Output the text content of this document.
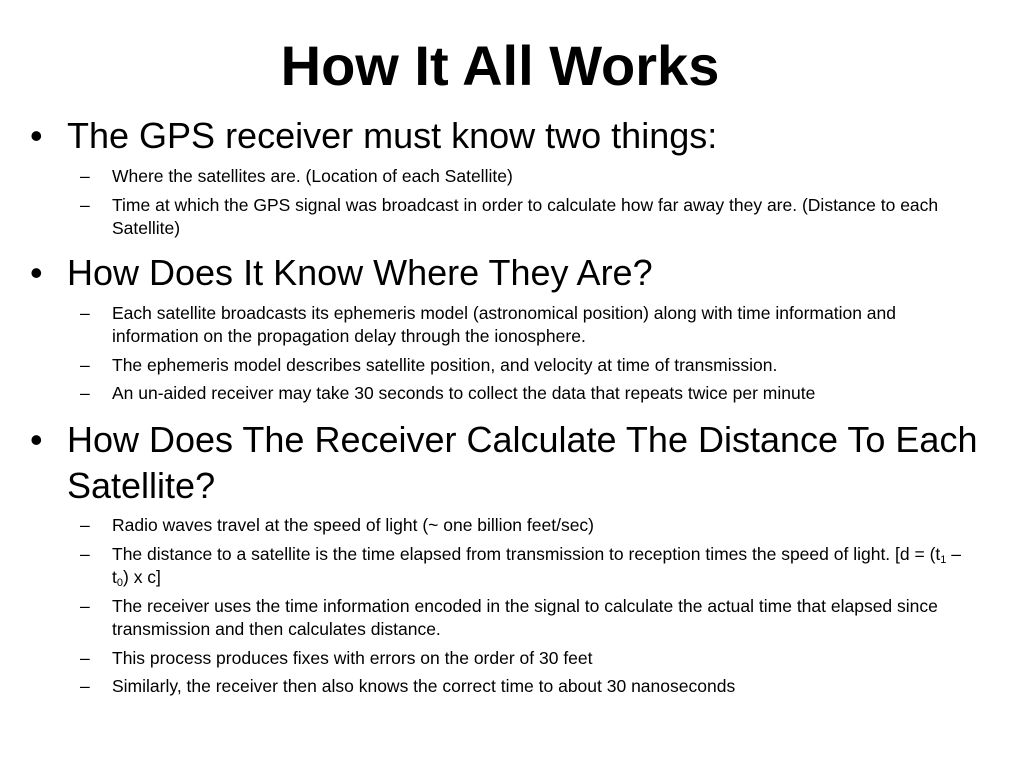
How It All Works
• The GPS receiver must know two things:
– Where the satellites are. (Location of each Satellite)
– Time at which the GPS signal was broadcast in order to calculate how far away they are. (Distance to each Satellite)
• How Does It Know Where They Are?
– Each satellite broadcasts its ephemeris model (astronomical position) along with time information and information on the propagation delay through the ionosphere.
– The ephemeris model describes satellite position, and velocity at time of transmission.
– An un-aided receiver may take 30 seconds to collect the data that repeats twice per minute
• How Does The Receiver Calculate The Distance To Each Satellite?
– Radio waves travel at the speed of light (~ one billion feet/sec)
– The distance to a satellite is the time elapsed from transmission to reception times the speed of light. [$d = (t_1 - t_0)$ x c]
– The receiver uses the time information encoded in the signal to calculate the actual time that elapsed since transmission and then calculates distance.
– This process produces fixes with errors on the order of 30 feet
– Similarly, the receiver then also knows the correct time to about 30 nanoseconds
